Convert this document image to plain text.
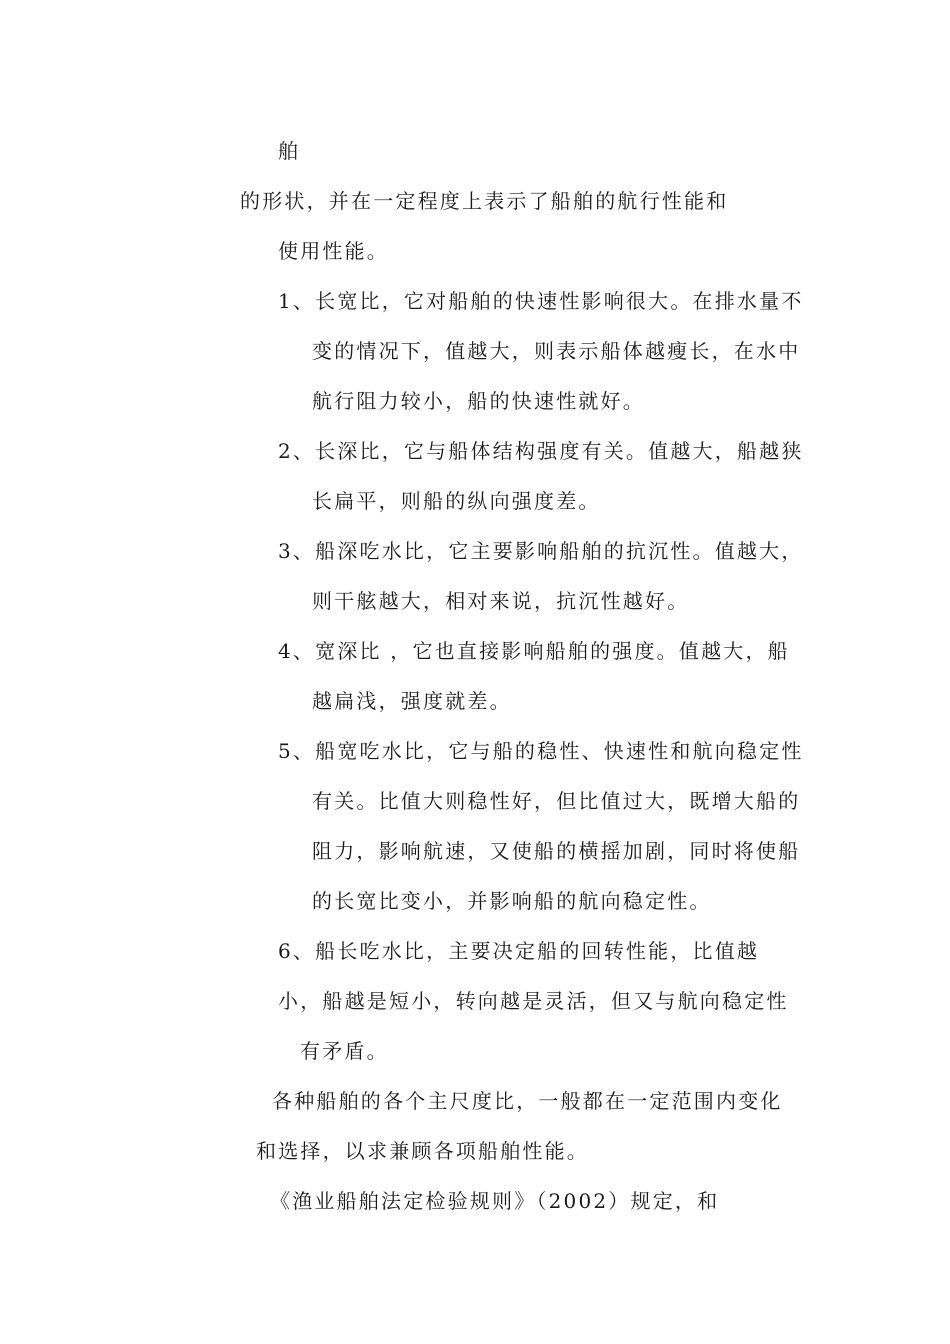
舶
的形状，并在一定程度上表示了船舶的航行性能和
使用性能。
1、长宽比，它对船舶的快速性影响很大。在排水量不
变的情况下，值越大，则表示船体越瘦长，在水中
航行阻力较小，船的快速性就好。
2、长深比，它与船体结构强度有关。值越大，船越狭
长扁平，则船的纵向强度差。
3、船深吃水比，它主要影响船舶的抗沉性。值越大，
则干舷越大，相对来说，抗沉性越好。
4、宽深比 ，它也直接影响船舶的强度。值越大，船
越扁浅，强度就差。
5、船宽吃水比，它与船的稳性、快速性和航向稳定性
有关。比值大则稳性好，但比值过大，既增大船的
阻力，影响航速，又使船的横摇加剧，同时将使船
的长宽比变小，并影响船的航向稳定性。
6、船长吃水比，主要决定船的回转性能，比值越
小，船越是短小，转向越是灵活，但又与航向稳定性
有矛盾。
各种船舶的各个主尺度比，一般都在一定范围内变化
和选择，以求兼顾各项船舶性能。
《渔业船舶法定检验规则》（2002）规定，和
